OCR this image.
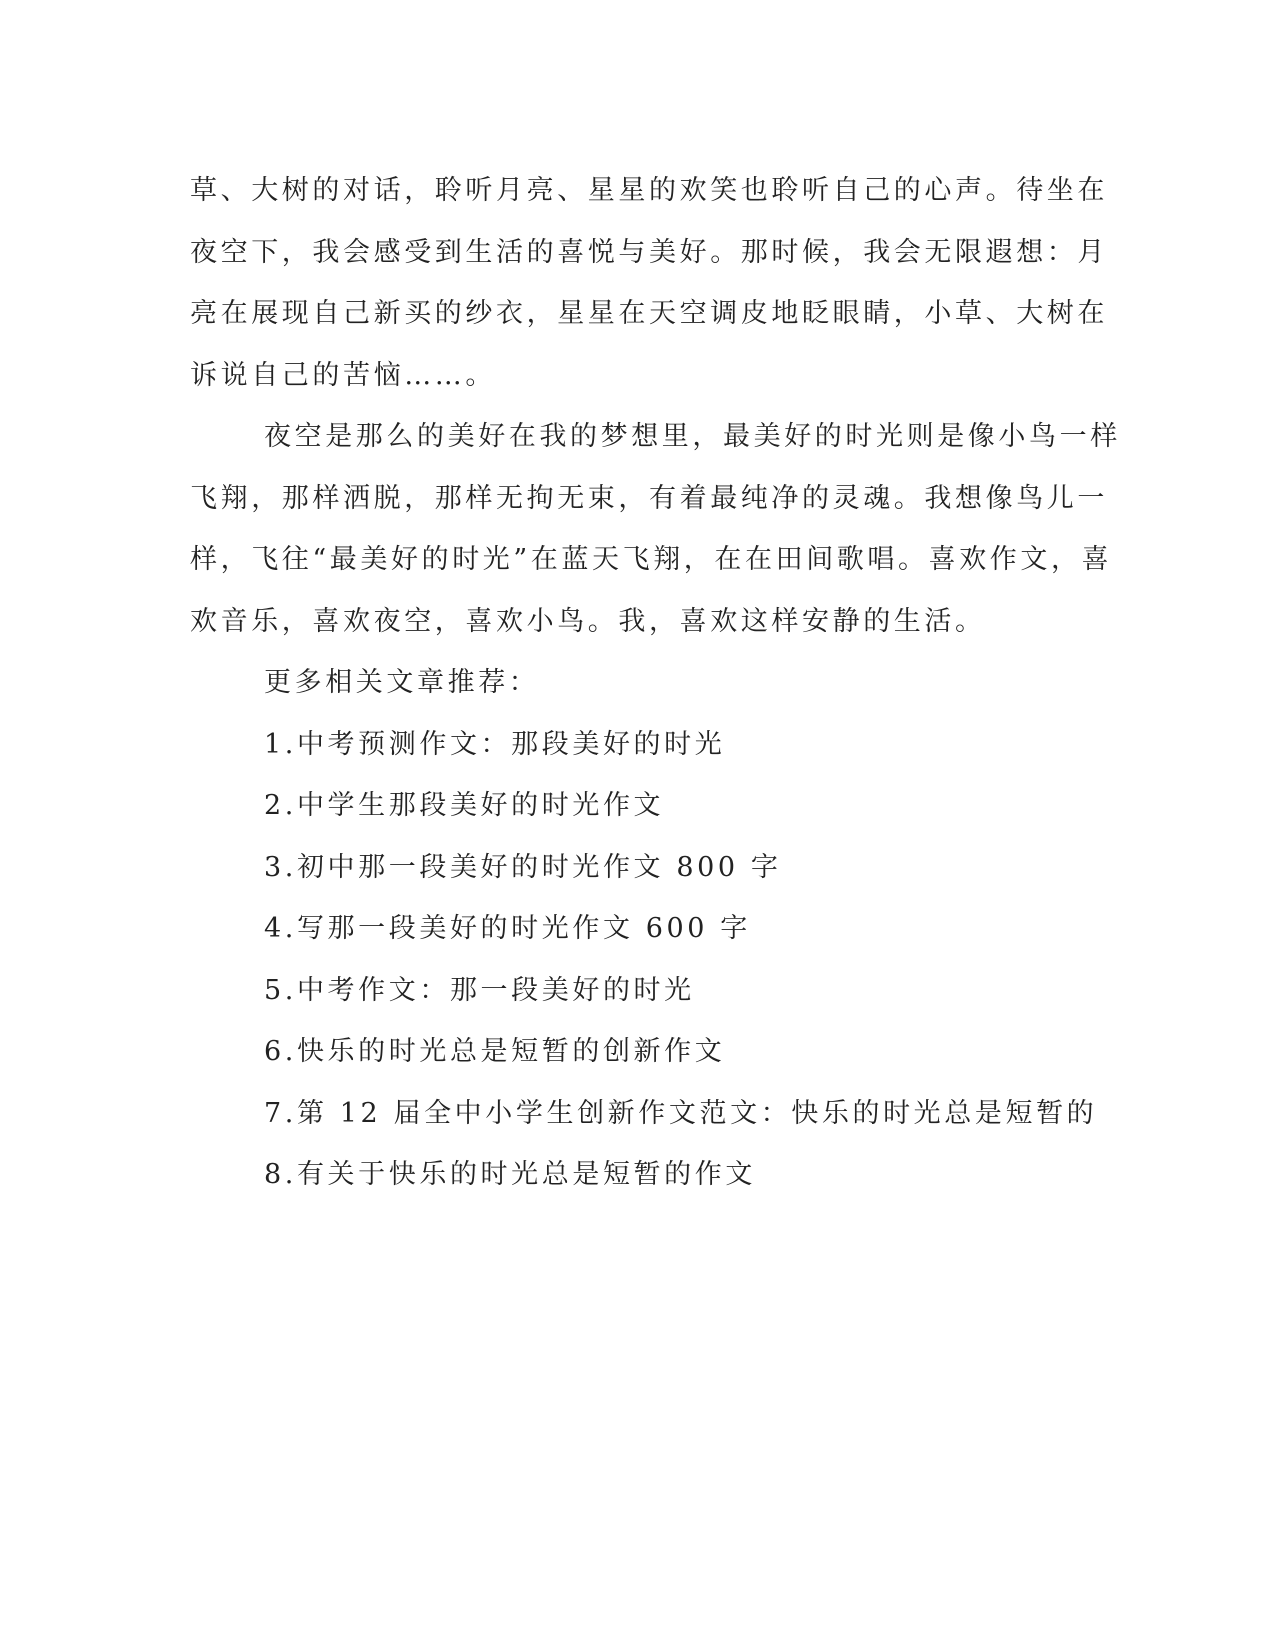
草、大树的对话，聆听月亮、星星的欢笑也聆听自己的心声。待坐在
夜空下，我会感受到生活的喜悦与美好。那时候，我会无限遐想：月
亮在展现自己新买的纱衣，星星在天空调皮地眨眼睛，小草、大树在
诉说自己的苦恼……。

夜空是那么的美好在我的梦想里，最美好的时光则是像小鸟一样
飞翔，那样洒脱，那样无拘无束，有着最纯净的灵魂。我想像鸟儿一
样，飞往“最美好的时光”在蓝天飞翔，在在田间歌唱。喜欢作文，喜
欢音乐，喜欢夜空，喜欢小鸟。我，喜欢这样安静的生活。

更多相关文章推荐：
1.中考预测作文：那段美好的时光
2.中学生那段美好的时光作文
3.初中那一段美好的时光作文 800 字
4.写那一段美好的时光作文 600 字
5.中考作文：那一段美好的时光
6.快乐的时光总是短暂的创新作文
7.第 12 届全中小学生创新作文范文：快乐的时光总是短暂的
8.有关于快乐的时光总是短暂的作文
